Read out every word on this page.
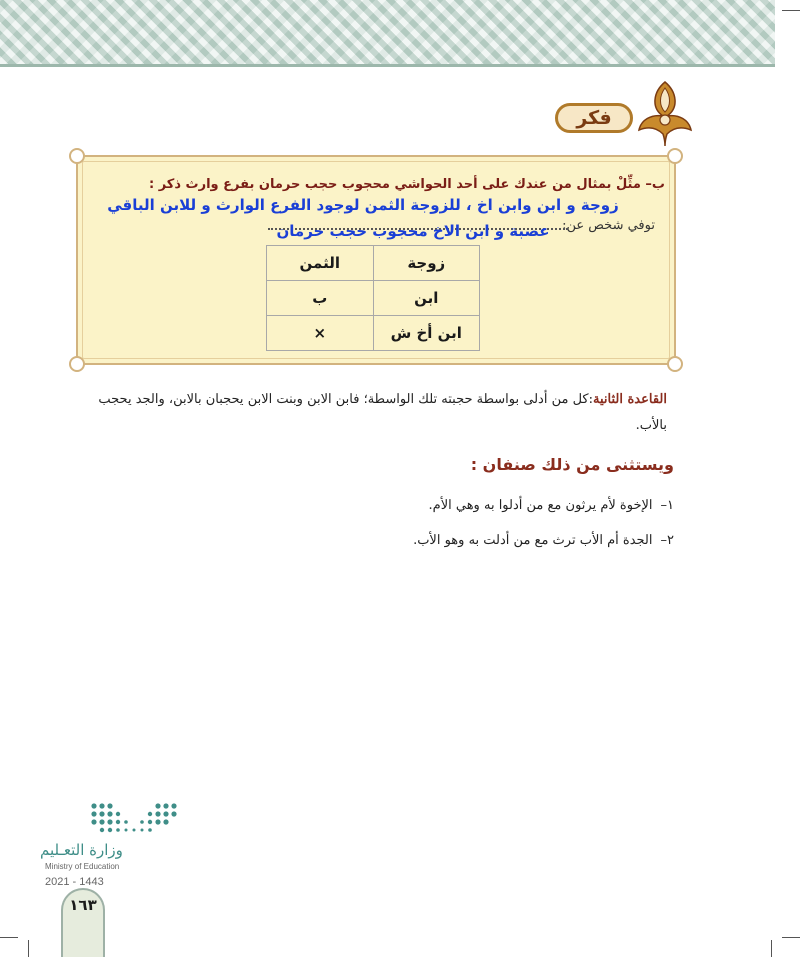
فكر
ب– مثِّلْ بمثال من عندك على أحد الحواشي محجوب حجب حرمان بفرع وارث ذكر :
زوجة و ابن وابن اخ ، للزوجة الثمن لوجود الفرع الوارث و للابن الباقي
توفي شخص عن:
عصبة و ابن الاخ محجوب حجب حرمان
زوجة	الثمن
ابن	ب
ابن أخ ش	×
القاعدة الثانية:كل من أدلى بواسطة حجبته تلك الواسطة؛ فابن الابن وبنت الابن يحجبان بالابن، والجد يحجب بالأب.
ويستثنى من ذلك صنفان :
١–الإخوة لأم يرثون مع من أدلوا به وهي الأم.
٢–الجدة أم الأب ترث مع من أدلت به وهو الأب.
وزارة التعـليم
Ministry of Education
2021 - 1443
١٦٣
